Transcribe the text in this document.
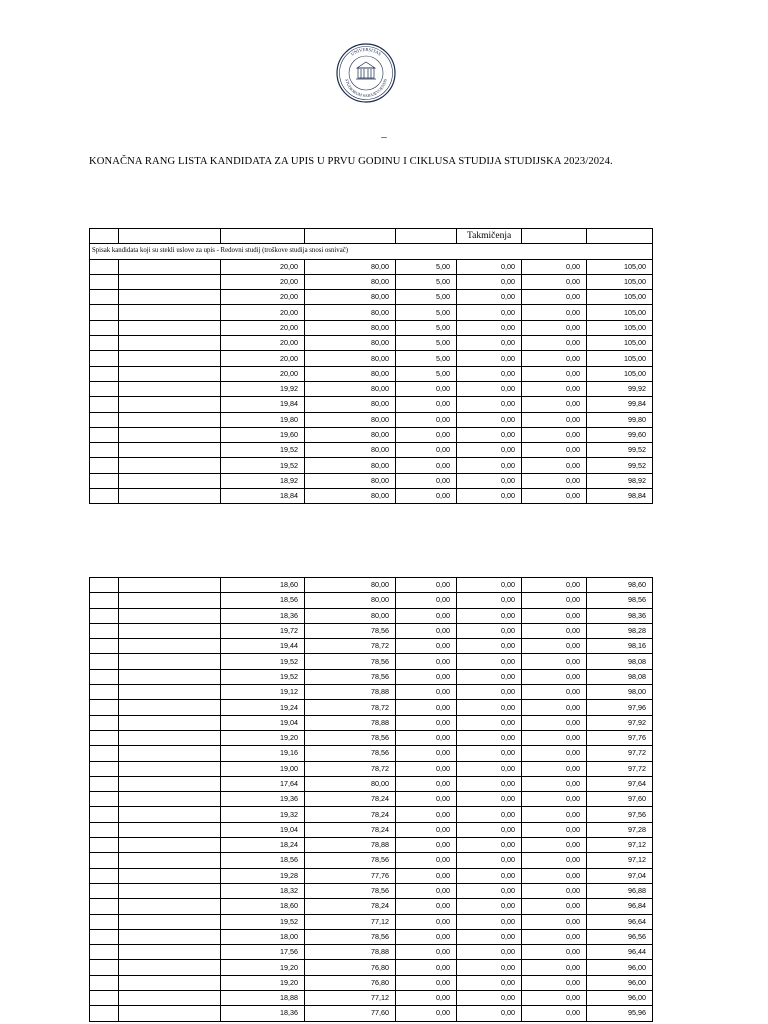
UNIVERSITAS
STUDIORUM SARAJEVOENSIS
–
KONAČNA RANG LISTA KANDIDATA ZA UPIS U PRVU GODINU I CIKLUSA STUDIJA STUDIJSKA 2023/2024.
					Takmičenja		
Spisak kandidata koji su stekli uslove za upis - Redovni studij (troškove studija snosi osnivač)							
		20,00	80,00	5,00	0,00	0,00	105,00
		20,00	80,00	5,00	0,00	0,00	105,00
		20,00	80,00	5,00	0,00	0,00	105,00
		20,00	80,00	5,00	0,00	0,00	105,00
		20,00	80,00	5,00	0,00	0,00	105,00
		20,00	80,00	5,00	0,00	0,00	105,00
		20,00	80,00	5,00	0,00	0,00	105,00
		20,00	80,00	5,00	0,00	0,00	105,00
		19,92	80,00	0,00	0,00	0,00	99,92
		19,84	80,00	0,00	0,00	0,00	99,84
		19,80	80,00	0,00	0,00	0,00	99,80
		19,60	80,00	0,00	0,00	0,00	99,60
		19,52	80,00	0,00	0,00	0,00	99,52
		19,52	80,00	0,00	0,00	0,00	99,52
		18,92	80,00	0,00	0,00	0,00	98,92
		18,84	80,00	0,00	0,00	0,00	98,84
		18,60	80,00	0,00	0,00	0,00	98,60
		18,56	80,00	0,00	0,00	0,00	98,56
		18,36	80,00	0,00	0,00	0,00	98,36
		19,72	78,56	0,00	0,00	0,00	98,28
		19,44	78,72	0,00	0,00	0,00	98,16
		19,52	78,56	0,00	0,00	0,00	98,08
		19,52	78,56	0,00	0,00	0,00	98,08
		19,12	78,88	0,00	0,00	0,00	98,00
		19,24	78,72	0,00	0,00	0,00	97,96
		19,04	78,88	0,00	0,00	0,00	97,92
		19,20	78,56	0,00	0,00	0,00	97,76
		19,16	78,56	0,00	0,00	0,00	97,72
		19,00	78,72	0,00	0,00	0,00	97,72
		17,64	80,00	0,00	0,00	0,00	97,64
		19,36	78,24	0,00	0,00	0,00	97,60
		19,32	78,24	0,00	0,00	0,00	97,56
		19,04	78,24	0,00	0,00	0,00	97,28
		18,24	78,88	0,00	0,00	0,00	97,12
		18,56	78,56	0,00	0,00	0,00	97,12
		19,28	77,76	0,00	0,00	0,00	97,04
		18,32	78,56	0,00	0,00	0,00	96,88
		18,60	78,24	0,00	0,00	0,00	96,84
		19,52	77,12	0,00	0,00	0,00	96,64
		18,00	78,56	0,00	0,00	0,00	96,56
		17,56	78,88	0,00	0,00	0,00	96,44
		19,20	76,80	0,00	0,00	0,00	96,00
		19,20	76,80	0,00	0,00	0,00	96,00
		18,88	77,12	0,00	0,00	0,00	96,00
		18,36	77,60	0,00	0,00	0,00	95,96
